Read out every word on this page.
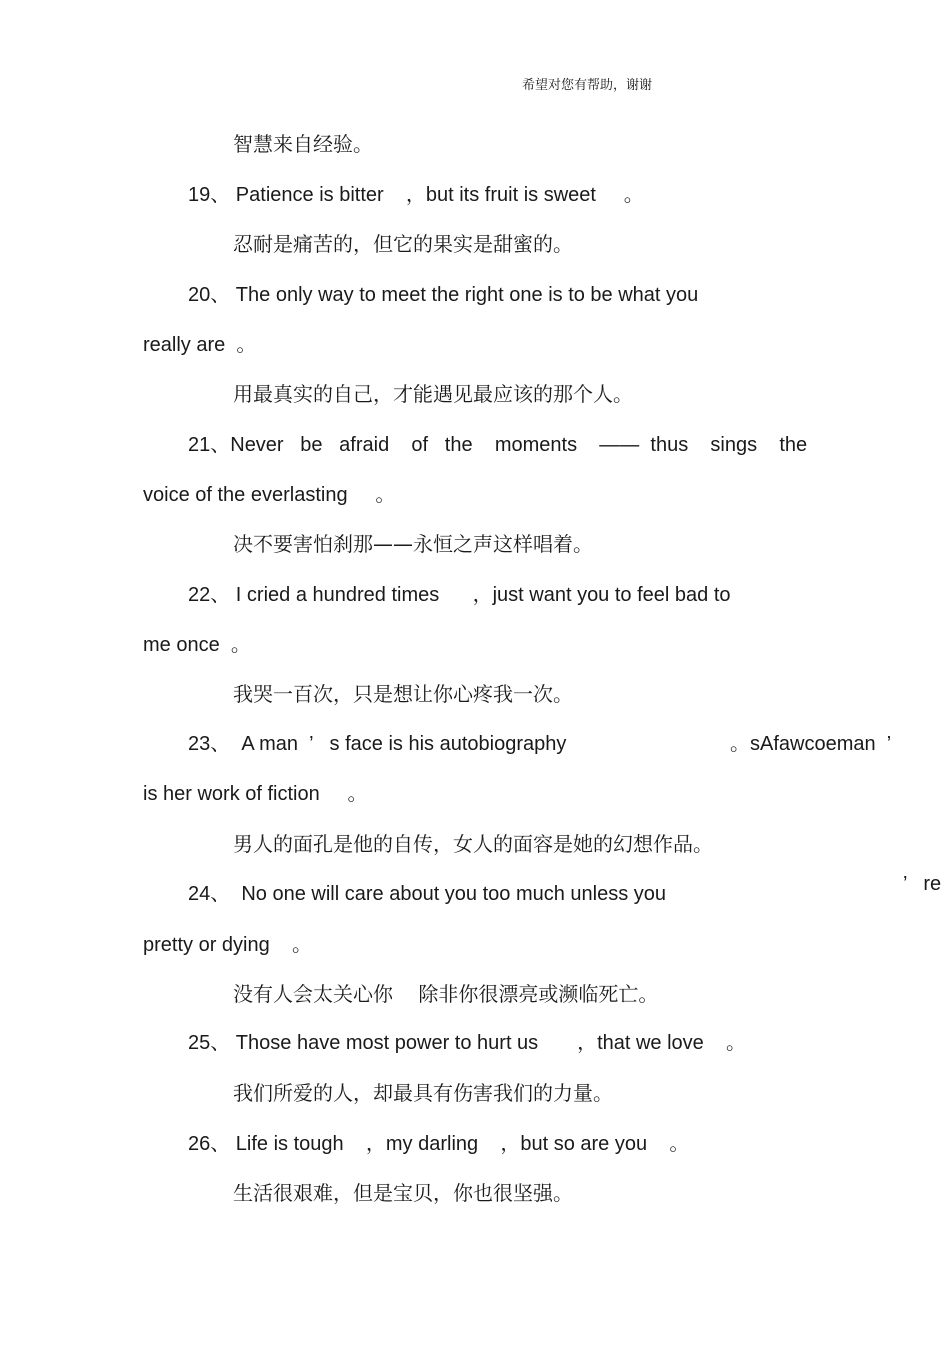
希望对您有帮助，谢谢
智慧来自经验。
19、 Patience is bitter    ，but its fruit is sweet     。
忍耐是痛苦的，但它的果实是甜蜜的。
20、 The only way to meet the right one is to be what you
really are  。
用最真实的自己，才能遇见最应该的那个人。
21、Never   be   afraid    of   the    moments    ——  thus    sings    the
voice of the everlasting     。
决不要害怕刹那——永恒之声这样唱着。
22、 I cried a hundred times      ，just want you to feel bad to
me once  。
我哭一百次，只是想让你心疼我一次。
23、  A man  ’   s face is his autobiography	。sAfawcoeman  ’
is her work of fiction     。
男人的面孔是他的自传，女人的面容是她的幻想作品。
24、  No one will care about you too much unless you	’   re
pretty or dying    。
没有人会太关心你    除非你很漂亮或濒临死亡。
25、 Those have most power to hurt us       ，that we love    。
我们所爱的人，却最具有伤害我们的力量。
26、 Life is tough    ，my darling    ，but so are you    。
生活很艰难，但是宝贝，你也很坚强。
